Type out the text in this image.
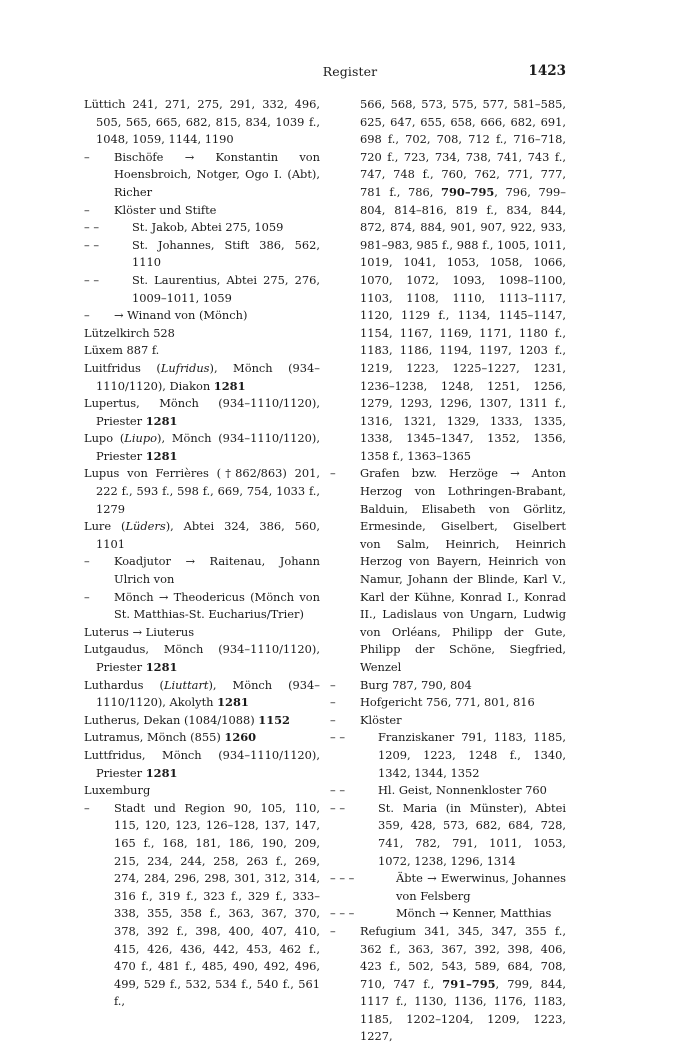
Register	1423
Lüttich 241, 271, 275, 291, 332, 496, 505, 565, 665, 682, 815, 834, 1039 f., 1048, 1059, 1144, 1190
–	Bischöfe → Konstantin von Hoensbroich, Notger, Ogo I. (Abt), Richer
–	Klöster und Stifte
– –	St. Jakob, Abtei 275, 1059
– –	St. Johannes, Stift 386, 562, 1110
– –	St. Laurentius, Abtei 275, 276, 1009–1011, 1059
–	→ Winand von (Mönch)
Lützelkirch 528
Lüxem 887 f.
Luitfridus (Lufridus), Mönch (934–1110/1120), Diakon 1281
Lupertus, Mönch (934–1110/1120), Priester 1281
Lupo (Liupo), Mönch (934–1110/1120), Priester 1281
Lupus von Ferrières (†862/863) 201, 222 f., 593 f., 598 f., 669, 754, 1033 f., 1279
Lure (Lüders), Abtei 324, 386, 560, 1101
–	Koadjutor → Raitenau, Johann Ulrich von
–	Mönch → Theodericus (Mönch von St. Matthias-St. Eucharius/Trier)
Luterus → Liuterus
Lutgaudus, Mönch (934–1110/1120), Priester 1281
Luthardus (Liuttart), Mönch (934–1110/1120), Akolyth 1281
Lutherus, Dekan (1084/1088) 1152
Lutramus, Mönch (855) 1260
Luttfridus, Mönch (934–1110/1120), Priester 1281
Luxemburg
–	Stadt und Region 90, 105, 110, 115, 120, 123, 126–128, 137, 147, 165 f., 168, 181, 186, 190, 209, 215, 234, 244, 258, 263 f., 269, 274, 284, 296, 298, 301, 312, 314, 316 f., 319 f., 323 f., 329 f., 333–338, 355, 358 f., 363, 367, 370, 378, 392 f., 398, 400, 407, 410, 415, 426, 436, 442, 453, 462 f., 470 f., 481 f., 485, 490, 492, 496, 499, 529 f., 532, 534 f., 540 f., 561 f.,
566, 568, 573, 575, 577, 581–585, 625, 647, 655, 658, 666, 682, 691, 698 f., 702, 708, 712 f., 716–718, 720 f., 723, 734, 738, 741, 743 f., 747, 748 f., 760, 762, 771, 777, 781 f., 786, 790–795, 796, 799–804, 814–816, 819 f., 834, 844, 872, 874, 884, 901, 907, 922, 933, 981–983, 985 f., 988 f., 1005, 1011, 1019, 1041, 1053, 1058, 1066, 1070, 1072, 1093, 1098–1100, 1103, 1108, 1110, 1113–1117, 1120, 1129 f., 1134, 1145–1147, 1154, 1167, 1169, 1171, 1180 f., 1183, 1186, 1194, 1197, 1203 f., 1219, 1223, 1225–1227, 1231, 1236–1238, 1248, 1251, 1256, 1279, 1293, 1296, 1307, 1311 f., 1316, 1321, 1329, 1333, 1335, 1338, 1345–1347, 1352, 1356, 1358 f., 1363–1365
–	Grafen bzw. Herzöge → Anton Herzog von Lothringen-Brabant, Balduin, Elisabeth von Görlitz, Ermesinde, Giselbert, Giselbert von Salm, Heinrich, Heinrich Herzog von Bayern, Heinrich von Namur, Johann der Blinde, Karl V., Karl der Kühne, Konrad I., Konrad II., Ladislaus von Ungarn, Ludwig von Orléans, Philipp der Gute, Philipp der Schöne, Siegfried, Wenzel
–	Burg 787, 790, 804
–	Hofgericht 756, 771, 801, 816
–	Klöster
– –	Franziskaner 791, 1183, 1185, 1209, 1223, 1248 f., 1340, 1342, 1344, 1352
– –	Hl. Geist, Nonnenkloster 760
– –	St. Maria (in Münster), Abtei 359, 428, 573, 682, 684, 728, 741, 782, 791, 1011, 1053, 1072, 1238, 1296, 1314
– – –	Äbte → Ewerwinus, Johannes von Felsberg
– – –	Mönch → Kenner, Matthias
–	Refugium 341, 345, 347, 355 f., 362 f., 363, 367, 392, 398, 406, 423 f., 502, 543, 589, 684, 708, 710, 747 f., 791–795, 799, 844, 1117 f., 1130, 1136, 1176, 1183, 1185, 1202–1204, 1209, 1223, 1227,
